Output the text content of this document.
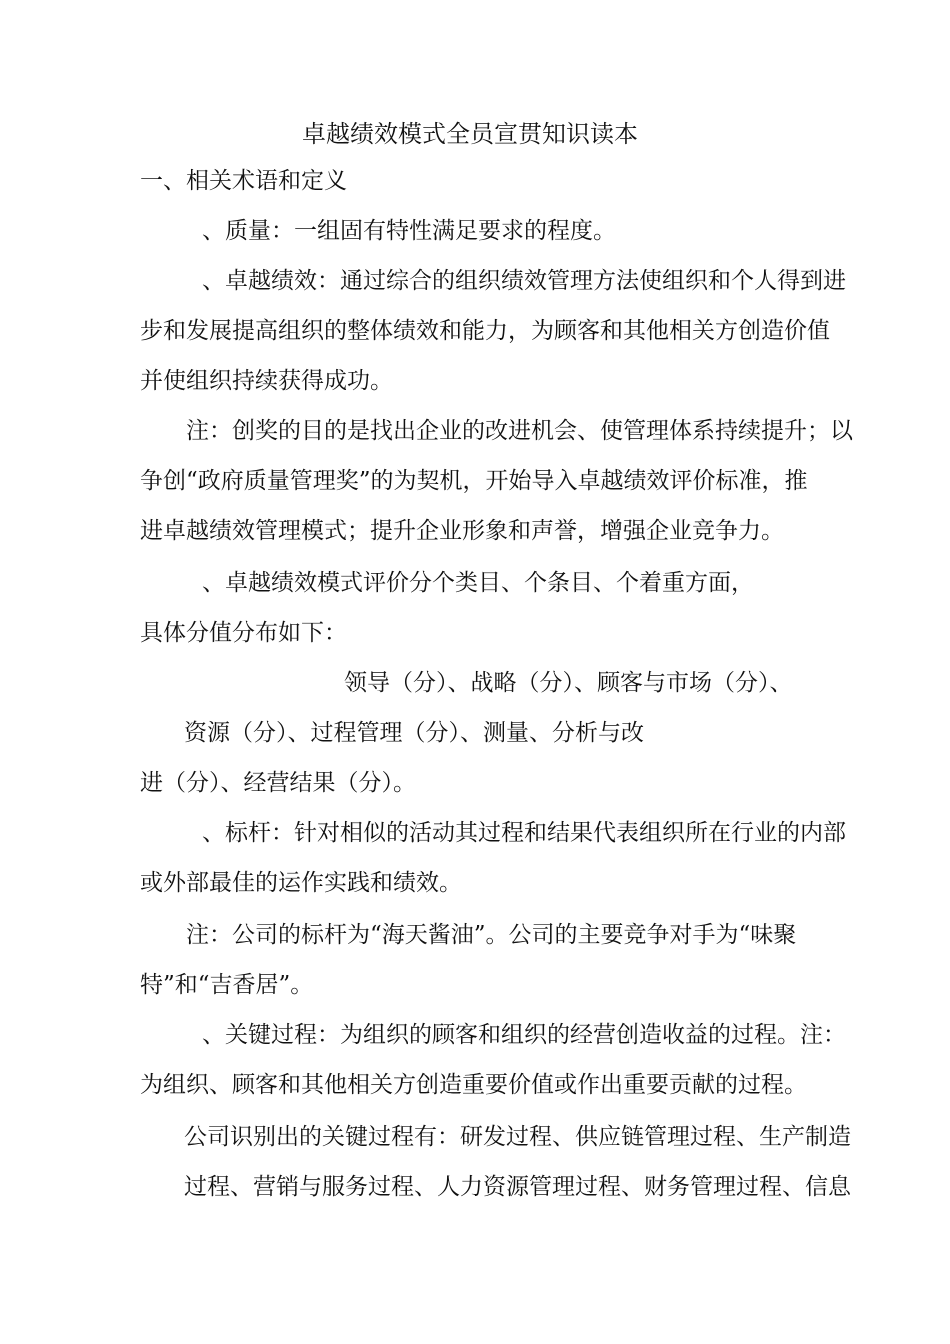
卓越绩效模式全员宣贯知识读本
一、相关术语和定义
、质量：一组固有特性满足要求的程度。
、卓越绩效：通过综合的组织绩效管理方法使组织和个人得到进
步和发展提高组织的整体绩效和能力，为顾客和其他相关方创造价值
并使组织持续获得成功。
注：创奖的目的是找出企业的改进机会、使管理体系持续提升；以
争创“政府质量管理奖”的为契机，开始导入卓越绩效评价标准，推
进卓越绩效管理模式；提升企业形象和声誉，增强企业竞争力。
、卓越绩效模式评价分个类目、个条目、个着重方面，
具体分值分布如下：
领导（分）、战略（分）、顾客与市场（分）、
资源（分）、过程管理（分）、测量、分析与改
进（分）、经营结果（分）。
、标杆：针对相似的活动其过程和结果代表组织所在行业的内部
或外部最佳的运作实践和绩效。
注：公司的标杆为“海天酱油”。公司的主要竞争对手为“味聚
特”和“吉香居”。
、关键过程：为组织的顾客和组织的经营创造收益的过程。注：
为组织、顾客和其他相关方创造重要价值或作出重要贡献的过程。
公司识别出的关键过程有：研发过程、供应链管理过程、生产制造
过程、营销与服务过程、人力资源管理过程、财务管理过程、信息
